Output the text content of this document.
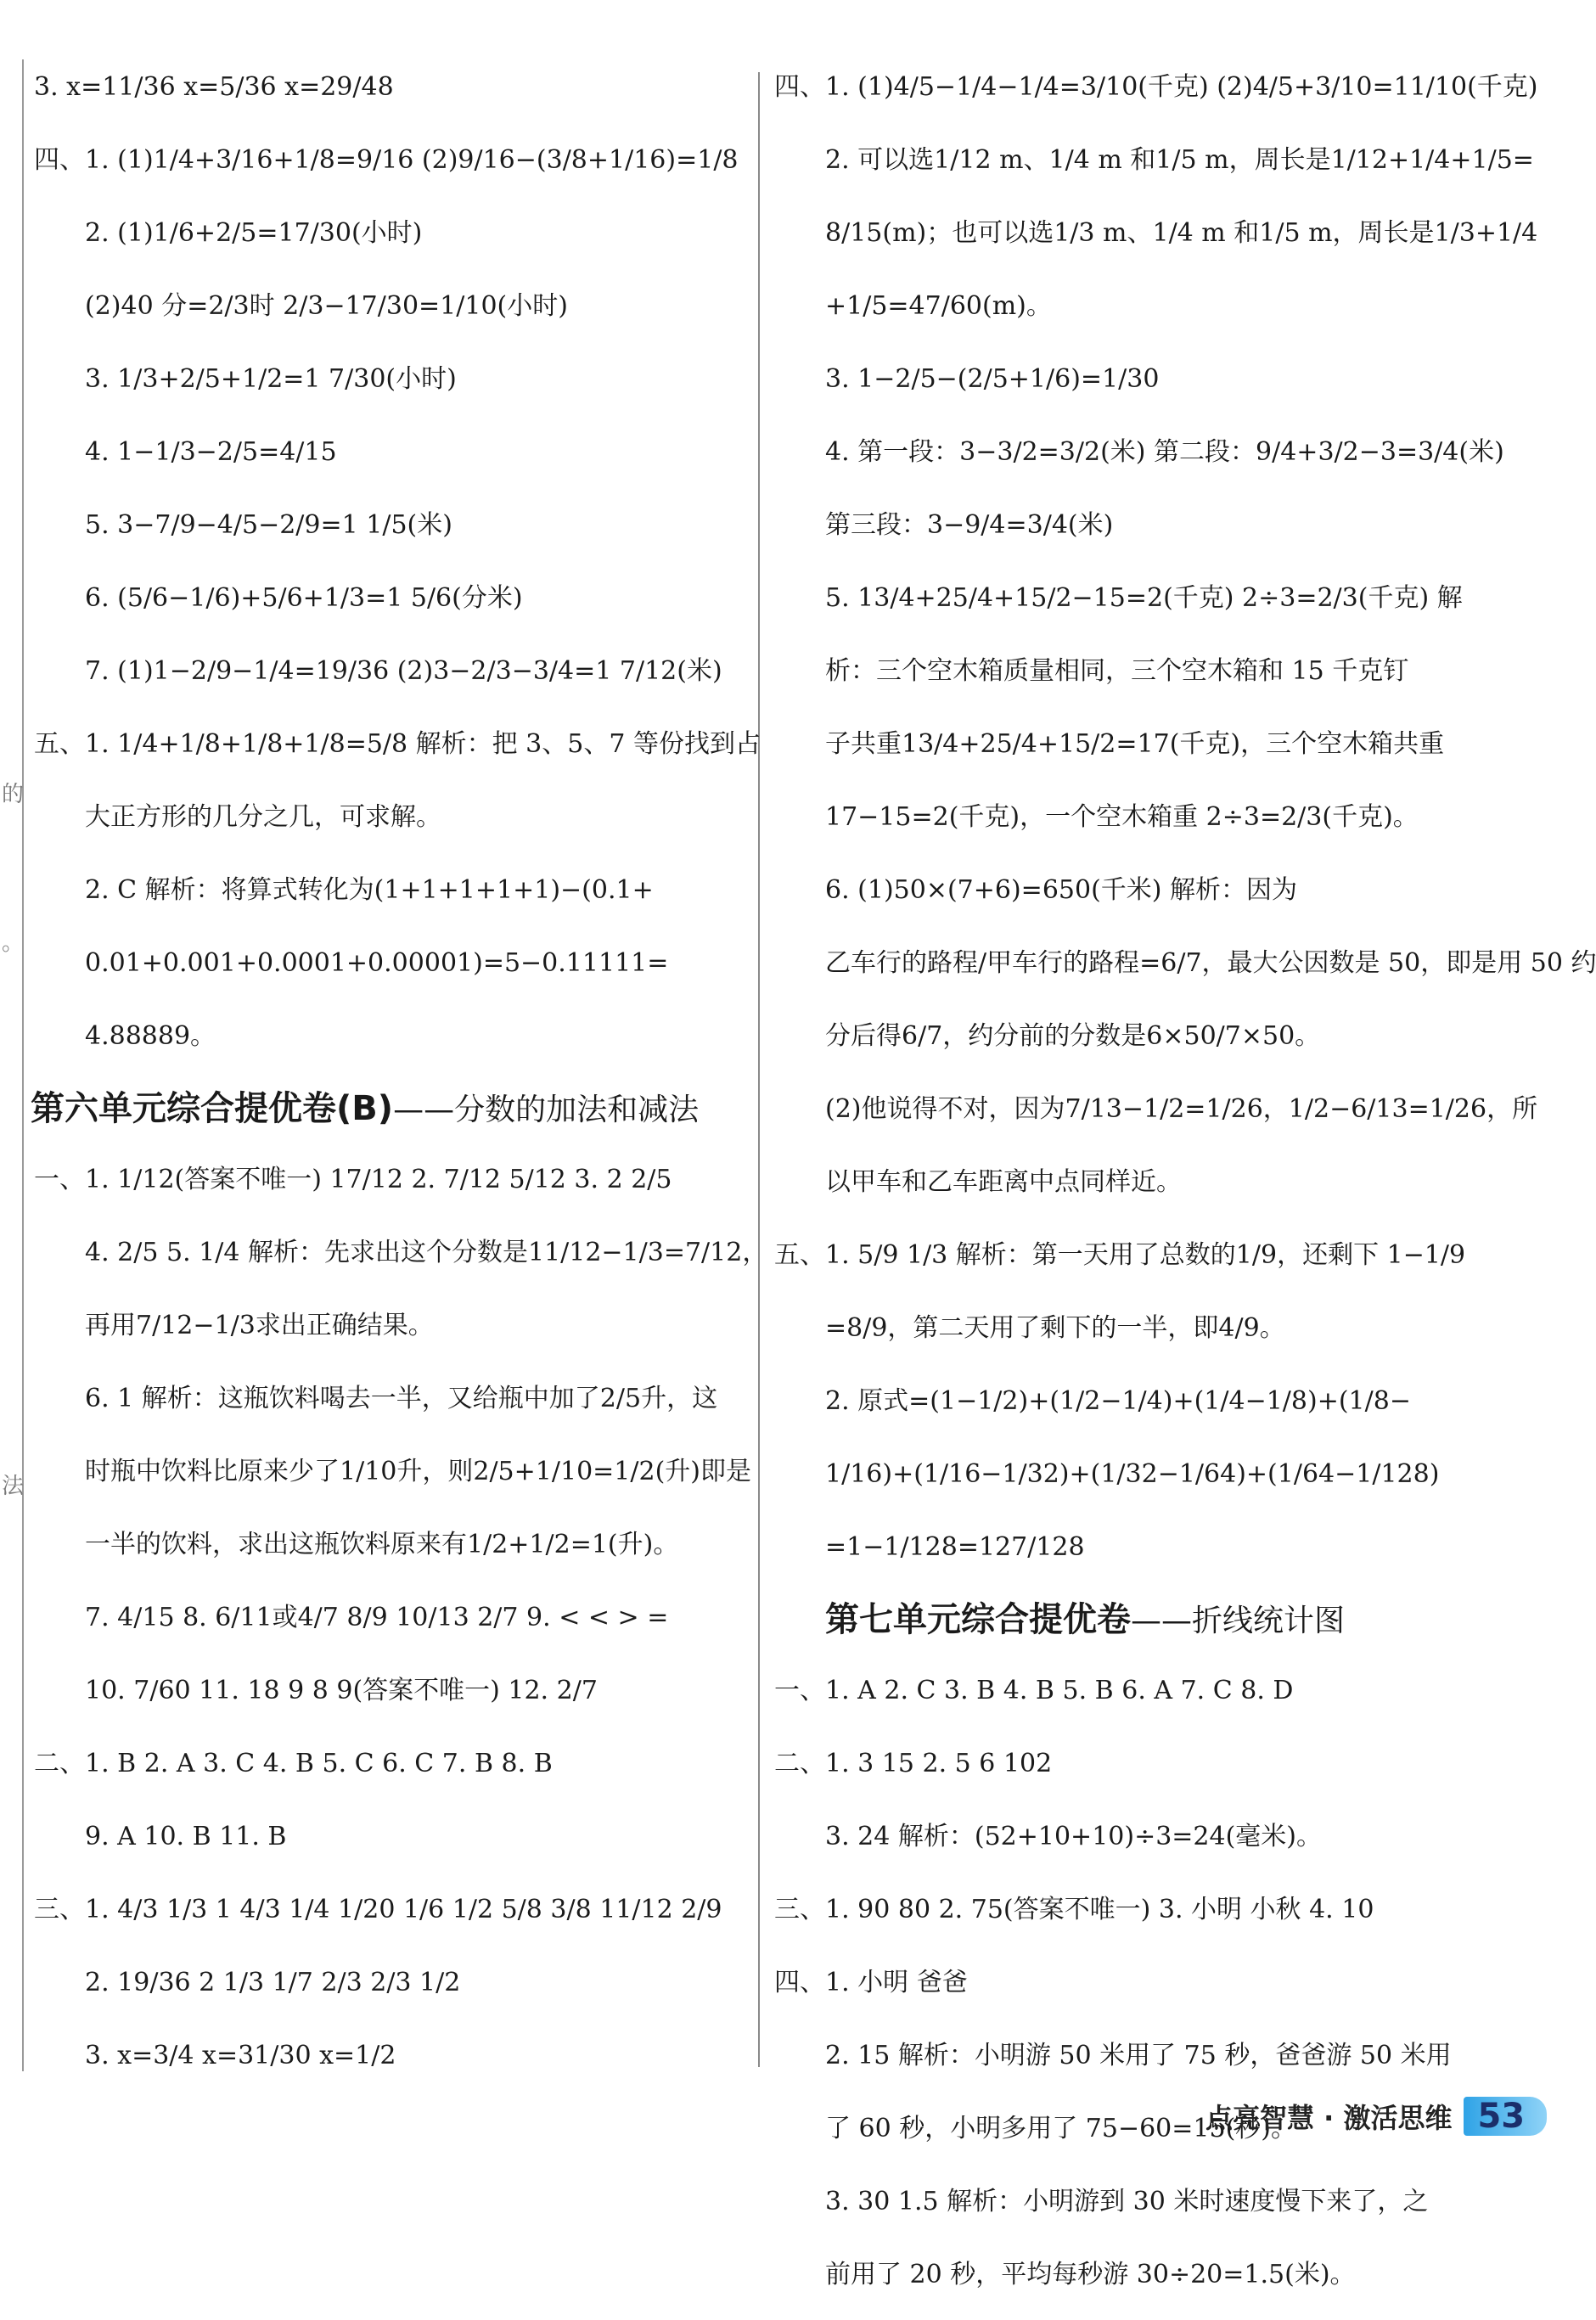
的
。
法
3. x=11/36 x=5/36 x=29/48
四、1. (1)1/4+3/16+1/8=9/16 (2)9/16−(3/8+1/16)=1/8
2. (1)1/6+2/5=17/30(小时)
(2)40 分=2/3时 2/3−17/30=1/10(小时)
3. 1/3+2/5+1/2=1 7/30(小时)
4. 1−1/3−2/5=4/15
5. 3−7/9−4/5−2/9=1 1/5(米)
6. (5/6−1/6)+5/6+1/3=1 5/6(分米)
7. (1)1−2/9−1/4=19/36 (2)3−2/3−3/4=1 7/12(米)
五、1. 1/4+1/8+1/8+1/8=5/8 解析：把 3、5、7 等份找到占
大正方形的几分之几，可求解。
2. C 解析：将算式转化为(1+1+1+1+1)−(0.1+
0.01+0.001+0.0001+0.00001)=5−0.11111=
4.88889。
第六单元综合提优卷(B)——分数的加法和减法
一、1. 1/12(答案不唯一) 17/12 2. 7/12 5/12 3. 2 2/5
4. 2/5 5. 1/4 解析：先求出这个分数是11/12−1/3=7/12，
再用7/12−1/3求出正确结果。
6. 1 解析：这瓶饮料喝去一半，又给瓶中加了2/5升，这
时瓶中饮料比原来少了1/10升，则2/5+1/10=1/2(升)即是
一半的饮料，求出这瓶饮料原来有1/2+1/2=1(升)。
7. 4/15 8. 6/11或4/7 8/9 10/13 2/7 9. < < > =
10. 7/60 11. 18 9 8 9(答案不唯一) 12. 2/7
二、1. B 2. A 3. C 4. B 5. C 6. C 7. B 8. B
9. A 10. B 11. B
三、1. 4/3 1/3 1 4/3 1/4 1/20 1/6 1/2 5/8 3/8 11/12 2/9
2. 19/36 2 1/3 1/7 2/3 2/3 1/2
3. x=3/4 x=31/30 x=1/2
四、1. (1)4/5−1/4−1/4=3/10(千克) (2)4/5+3/10=11/10(千克)
2. 可以选1/12 m、1/4 m 和1/5 m，周长是1/12+1/4+1/5=
8/15(m)；也可以选1/3 m、1/4 m 和1/5 m，周长是1/3+1/4
+1/5=47/60(m)。
3. 1−2/5−(2/5+1/6)=1/30
4. 第一段：3−3/2=3/2(米) 第二段：9/4+3/2−3=3/4(米)
第三段：3−9/4=3/4(米)
5. 13/4+25/4+15/2−15=2(千克) 2÷3=2/3(千克) 解
析：三个空木箱质量相同，三个空木箱和 15 千克钉
子共重13/4+25/4+15/2=17(千克)，三个空木箱共重
17−15=2(千克)，一个空木箱重 2÷3=2/3(千克)。
6. (1)50×(7+6)=650(千米) 解析：因为
乙车行的路程/甲车行的路程=6/7，最大公因数是 50，即是用 50 约
分后得6/7，约分前的分数是6×50/7×50。
(2)他说得不对，因为7/13−1/2=1/26，1/2−6/13=1/26，所
以甲车和乙车距离中点同样近。
五、1. 5/9 1/3 解析：第一天用了总数的1/9，还剩下 1−1/9
=8/9，第二天用了剩下的一半，即4/9。
2. 原式=(1−1/2)+(1/2−1/4)+(1/4−1/8)+(1/8−
1/16)+(1/16−1/32)+(1/32−1/64)+(1/64−1/128)
=1−1/128=127/128
第七单元综合提优卷——折线统计图
一、1. A 2. C 3. B 4. B 5. B 6. A 7. C 8. D
二、1. 3 15 2. 5 6 102
3. 24 解析：(52+10+10)÷3=24(毫米)。
三、1. 90 80 2. 75(答案不唯一) 3. 小明 小秋 4. 10
四、1. 小明 爸爸
2. 15 解析：小明游 50 米用了 75 秒，爸爸游 50 米用
了 60 秒，小明多用了 75−60=15(秒)。
3. 30 1.5 解析：小明游到 30 米时速度慢下来了，之
前用了 20 秒，平均每秒游 30÷20=1.5(米)。
点亮智慧 · 激活思维 53
